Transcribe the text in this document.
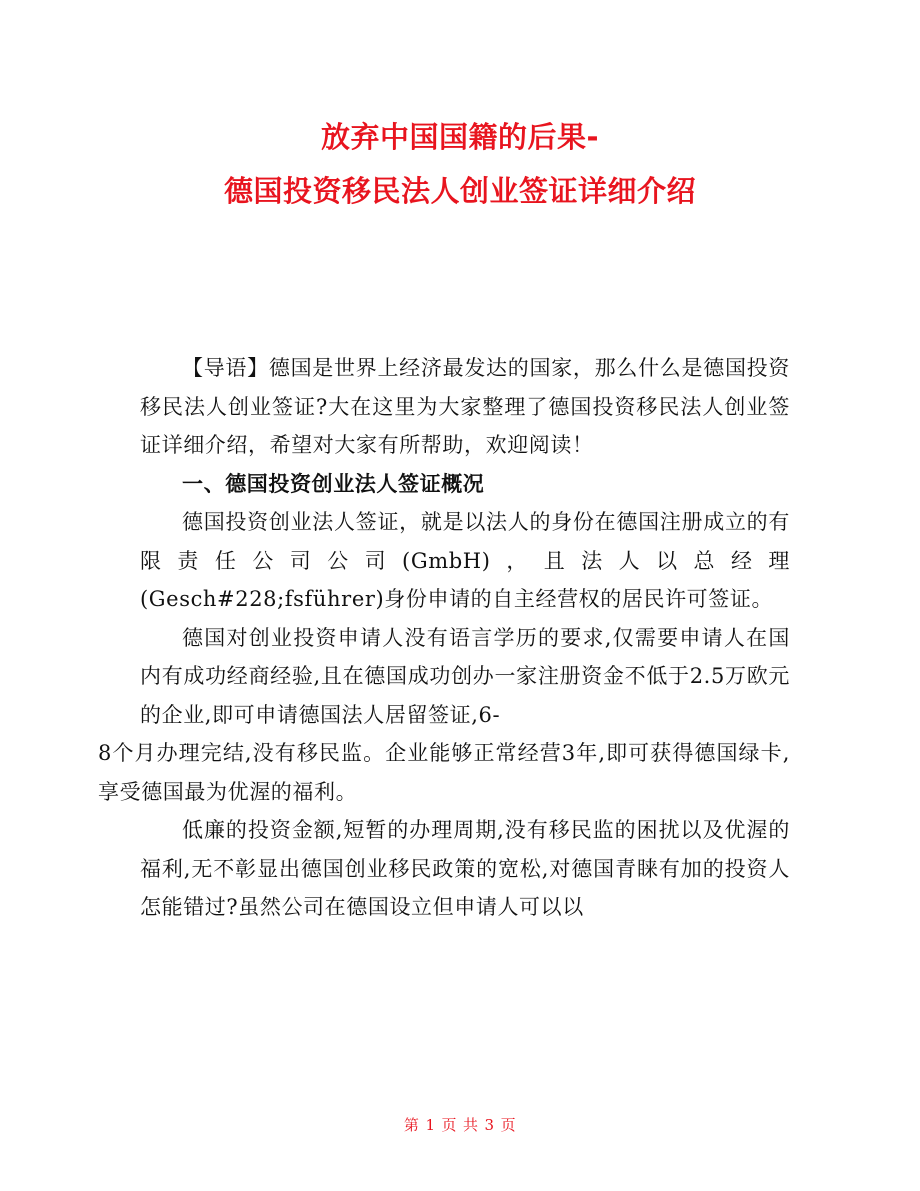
放弃中国国籍的后果-
德国投资移民法人创业签证详细介绍

【导语】德国是世界上经济最发达的国家，那么什么是德国投资移民法人创业签证?大在这里为大家整理了德国投资移民法人创业签证详细介绍，希望对大家有所帮助，欢迎阅读！

一、德国投资创业法人签证概况

德国投资创业法人签证，就是以法人的身份在德国注册成立的有限责任公司公司(GmbH)，且法人以总经理(Gesch#228;fsführer)身份申请的自主经营权的居民许可签证。

德国对创业投资申请人没有语言学历的要求,仅需要申请人在国内有成功经商经验,且在德国成功创办一家注册资金不低于2.5万欧元的企业,即可申请德国法人居留签证,6-
8个月办理完结,没有移民监。企业能够正常经营3年,即可获得德国绿卡,享受德国最为优渥的福利。

低廉的投资金额,短暂的办理周期,没有移民监的困扰以及优渥的福利,无不彰显出德国创业移民政策的宽松,对德国青睐有加的投资人怎能错过?虽然公司在德国设立但申请人可以以

第 1 页 共 3 页
